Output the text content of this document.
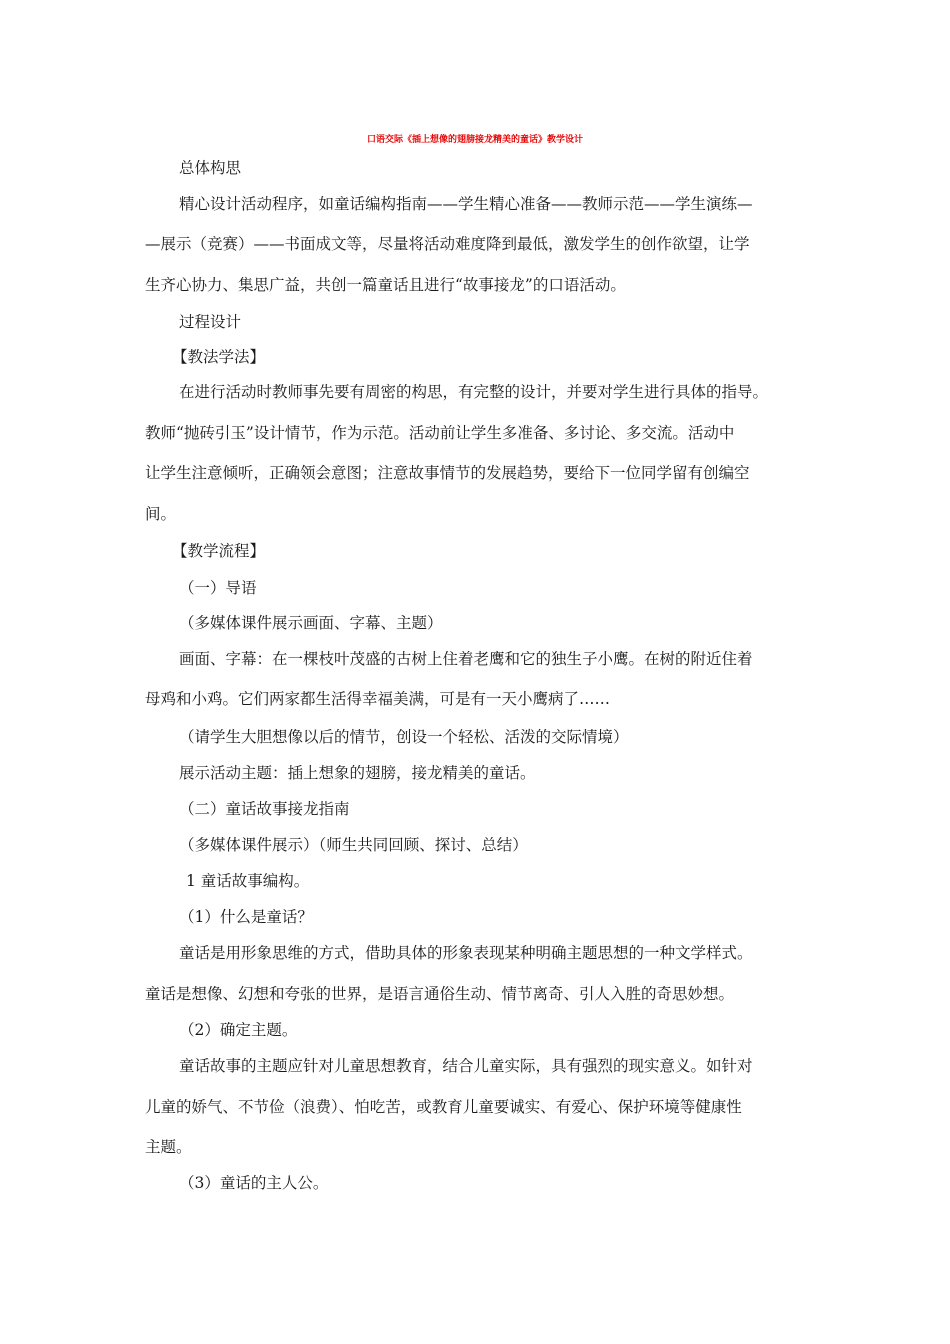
口语交际《插上想像的翅膀接龙精美的童话》教学设计
总体构思
精心设计活动程序，如童话编构指南——学生精心准备——教师示范——学生演练—
—展示（竞赛）——书面成文等，尽量将活动难度降到最低，激发学生的创作欲望，让学
生齐心协力、集思广益，共创一篇童话且进行“故事接龙”的口语活动。
过程设计
【教法学法】
在进行活动时教师事先要有周密的构思，有完整的设计，并要对学生进行具体的指导。
教师“抛砖引玉”设计情节，作为示范。活动前让学生多准备、多讨论、多交流。活动中
让学生注意倾听，正确领会意图；注意故事情节的发展趋势，要给下一位同学留有创编空
间。
【教学流程】
（一）导语
（多媒体课件展示画面、字幕、主题）
画面、字幕：在一棵枝叶茂盛的古树上住着老鹰和它的独生子小鹰。在树的附近住着
母鸡和小鸡。它们两家都生活得幸福美满，可是有一天小鹰病了……
（请学生大胆想像以后的情节，创设一个轻松、活泼的交际情境）
展示活动主题：插上想象的翅膀，接龙精美的童话。
（二）童话故事接龙指南
（多媒体课件展示）（师生共同回顾、探讨、总结）
1 童话故事编构。
（1）什么是童话？
童话是用形象思维的方式，借助具体的形象表现某种明确主题思想的一种文学样式。
童话是想像、幻想和夸张的世界，是语言通俗生动、情节离奇、引人入胜的奇思妙想。
（2）确定主题。
童话故事的主题应针对儿童思想教育，结合儿童实际，具有强烈的现实意义。如针对
儿童的娇气、不节俭（浪费）、怕吃苦，或教育儿童要诚实、有爱心、保护环境等健康性
主题。
（3）童话的主人公。
